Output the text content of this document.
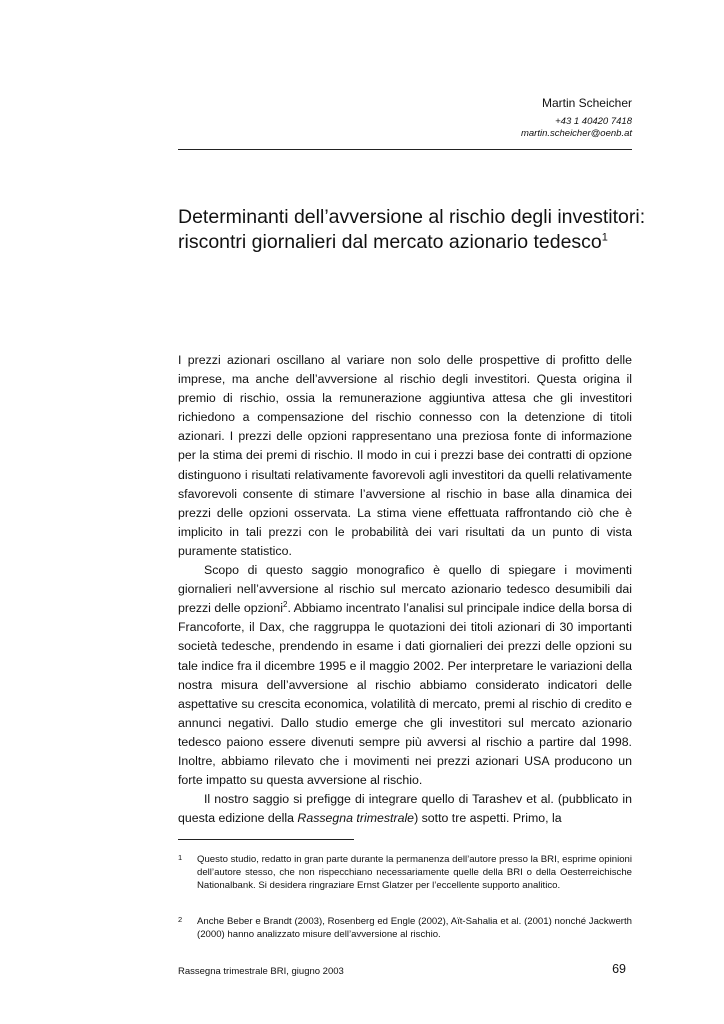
Martin Scheicher
+43 1 40420 7418
martin.scheicher@oenb.at
Determinanti dell’avversione al rischio degli investitori: riscontri giornalieri dal mercato azionario tedesco$^1$

I prezzi azionari oscillano al variare non solo delle prospettive di profitto delle imprese, ma anche dell’avversione al rischio degli investitori. Questa origina il premio di rischio, ossia la remunerazione aggiuntiva attesa che gli investitori richiedono a compensazione del rischio connesso con la detenzione di titoli azionari. I prezzi delle opzioni rappresentano una preziosa fonte di informazione per la stima dei premi di rischio. Il modo in cui i prezzi base dei contratti di opzione distinguono i risultati relativamente favorevoli agli investitori da quelli relativamente sfavorevoli consente di stimare l’avversione al rischio in base alla dinamica dei prezzi delle opzioni osservata. La stima viene effettuata raffrontando ciò che è implicito in tali prezzi con le probabilità dei vari risultati da un punto di vista puramente statistico.

Scopo di questo saggio monografico è quello di spiegare i movimenti giornalieri nell’avversione al rischio sul mercato azionario tedesco desumibili dai prezzi delle opzioni$^2$. Abbiamo incentrato l’analisi sul principale indice della borsa di Francoforte, il Dax, che raggruppa le quotazioni dei titoli azionari di 30 importanti società tedesche, prendendo in esame i dati giornalieri dei prezzi delle opzioni su tale indice fra il dicembre 1995 e il maggio 2002. Per interpretare le variazioni della nostra misura dell’avversione al rischio abbiamo considerato indicatori delle aspettative su crescita economica, volatilità di mercato, premi al rischio di credito e annunci negativi. Dallo studio emerge che gli investitori sul mercato azionario tedesco paiono essere divenuti sempre più avversi al rischio a partire dal 1998. Inoltre, abbiamo rilevato che i movimenti nei prezzi azionari USA producono un forte impatto su questa avversione al rischio.

Il nostro saggio si prefigge di integrare quello di Tarashev et al. (pubblicato in questa edizione della Rassegna trimestrale) sotto tre aspetti. Primo, la

1 Questo studio, redatto in gran parte durante la permanenza dell’autore presso la BRI, esprime opinioni dell’autore stesso, che non rispecchiano necessariamente quelle della BRI o della Oesterreichische Nationalbank. Si desidera ringraziare Ernst Glatzer per l’eccellente supporto analitico.
2 Anche Beber e Brandt (2003), Rosenberg ed Engle (2002), Aït-Sahalia et al. (2001) nonché Jackwerth (2000) hanno analizzato misure dell’avversione al rischio.
Rassegna trimestrale BRI, giugno 2003	69
